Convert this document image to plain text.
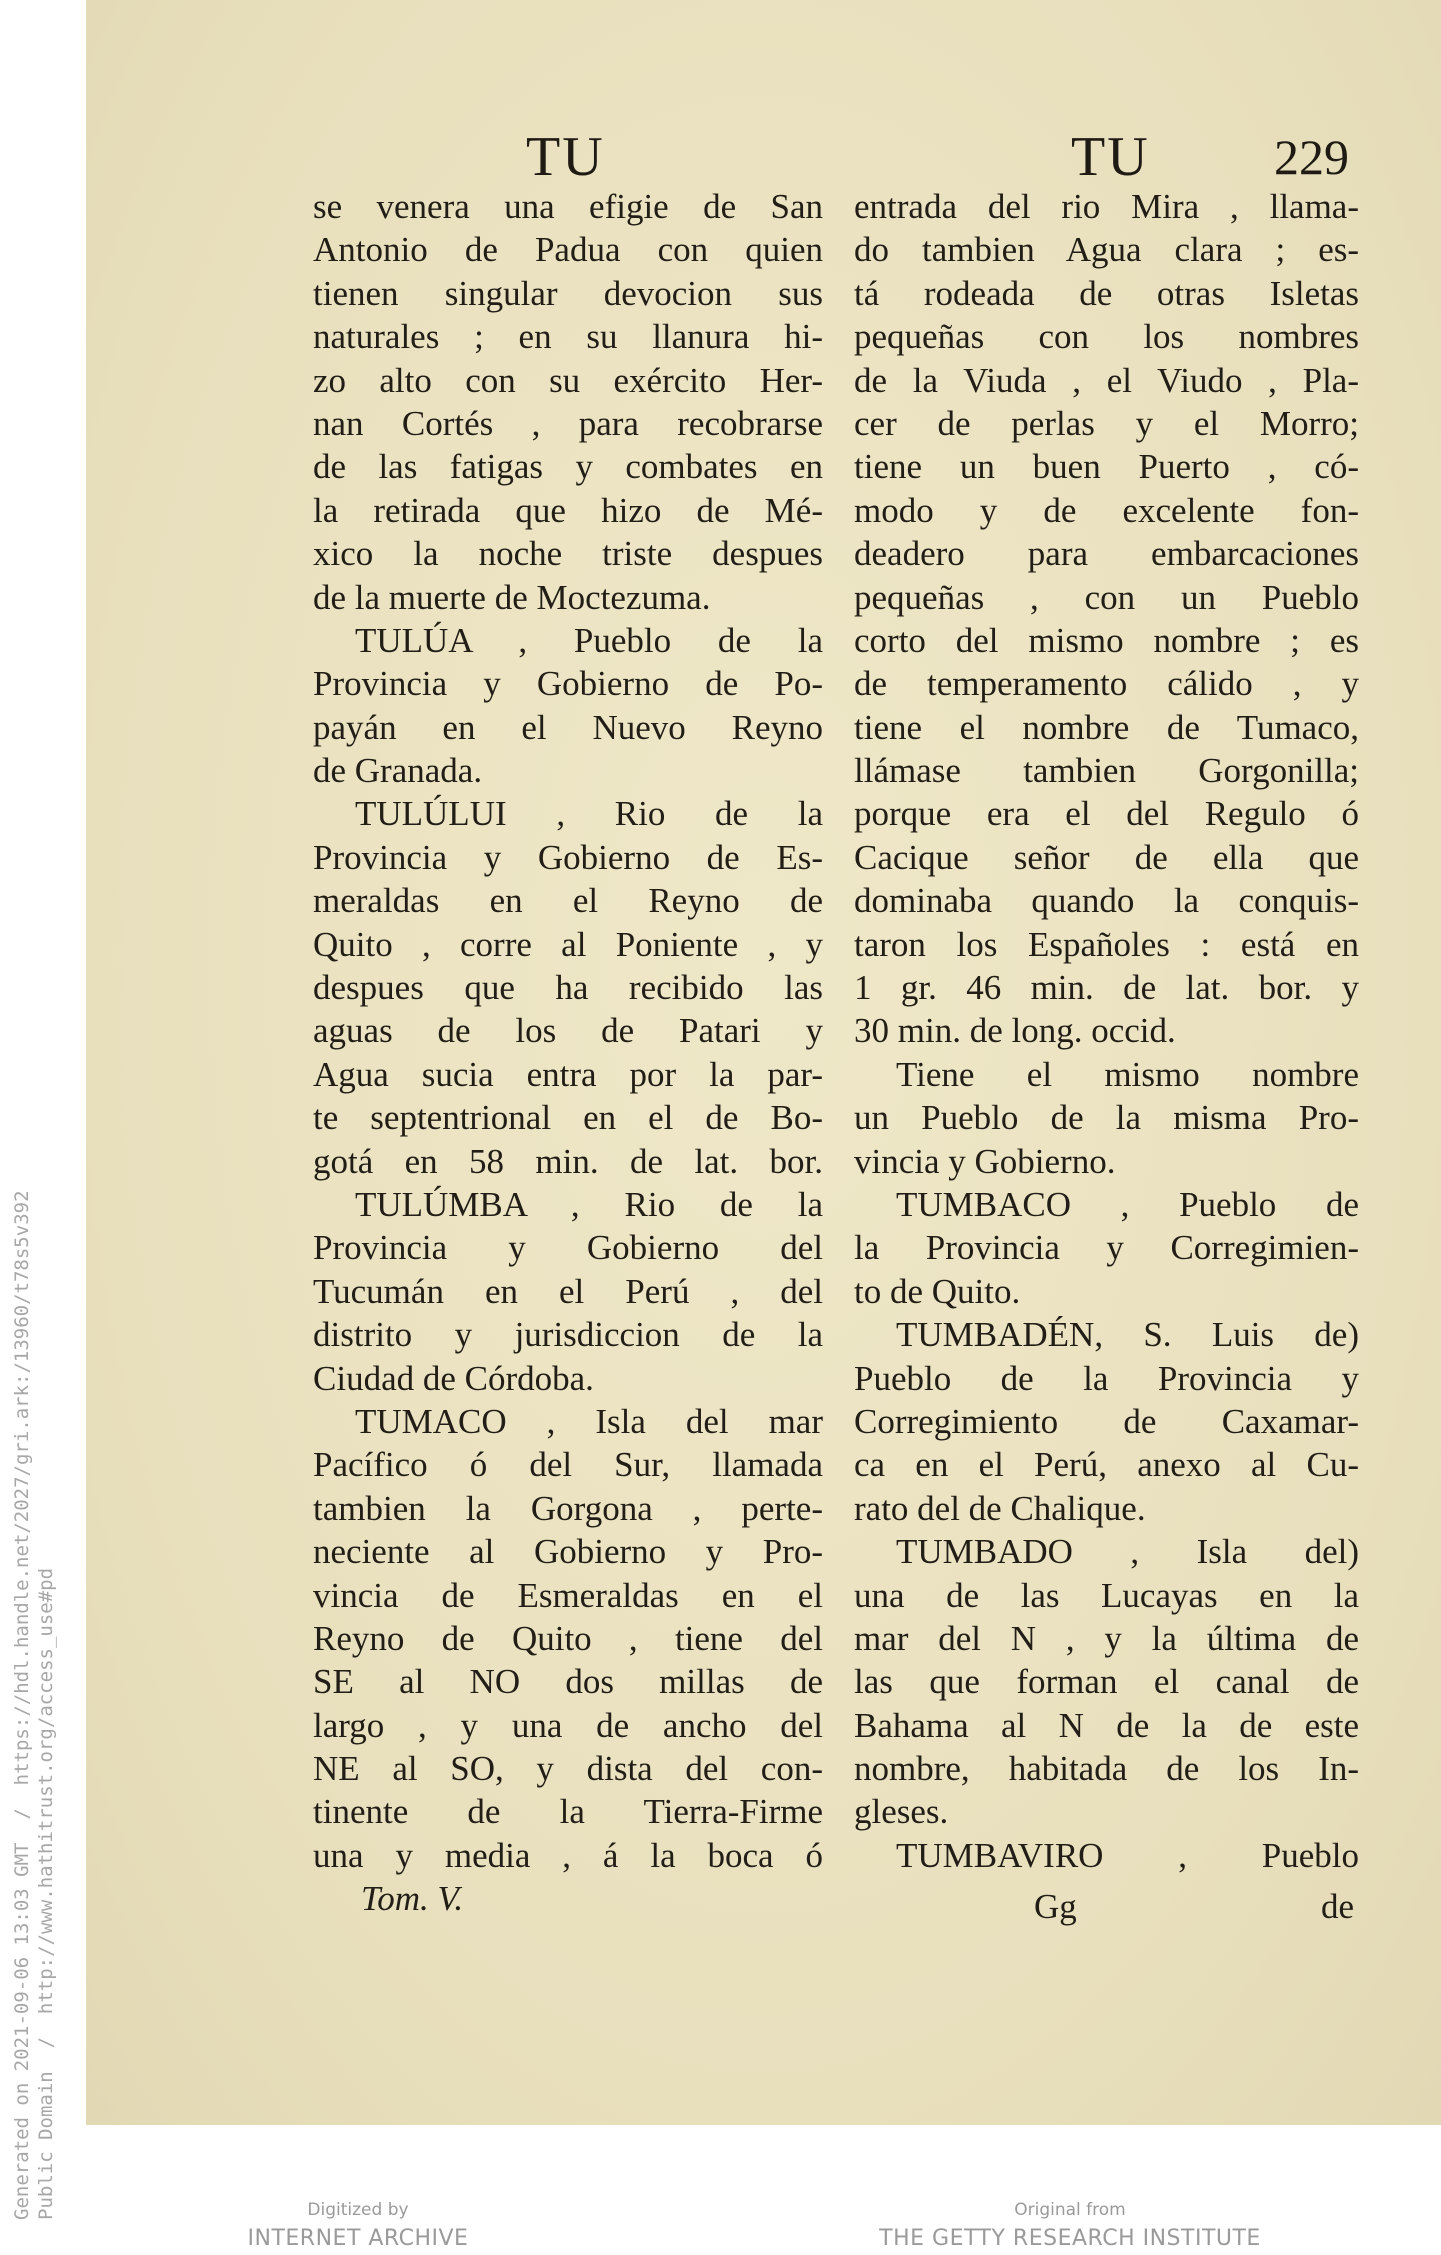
TU	TU 229
se venera una efigie de San
Antonio de Padua con quien
tienen singular devocion sus
naturales ; en su llanura hi-
zo alto con su exército Her-
nan Cortés , para recobrarse
de las fatigas y combates en
la retirada que hizo de Mé-
xico la noche triste despues
de la muerte de Moctezuma.
TULÚA , Pueblo de la
Provincia y Gobierno de Po-
payán en el Nuevo Reyno
de Granada.
TULÚLUI , Rio de la
Provincia y Gobierno de Es-
meraldas en el Reyno de
Quito , corre al Poniente , y
despues que ha recibido las
aguas de los de Patari y
Agua sucia entra por la par-
te septentrional en el de Bo-
gotá en 58 min. de lat. bor.
TULÚMBA , Rio de la
Provincia y Gobierno del
Tucumán en el Perú , del
distrito y jurisdiccion de la
Ciudad de Córdoba.
TUMACO , Isla del mar
Pacífico ó del Sur, llamada
tambien la Gorgona , perte-
neciente al Gobierno y Pro-
vincia de Esmeraldas en el
Reyno de Quito , tiene del
SE al NO dos millas de
largo , y una de ancho del
NE al SO, y dista del con-
tinente de la Tierra-Firme
una y media , á la boca ó
Tom. V.
entrada del rio Mira , llama-
do tambien Agua clara ; es-
tá rodeada de otras Isletas
pequeñas con los nombres
de la Viuda , el Viudo , Pla-
cer de perlas y el Morro;
tiene un buen Puerto , có-
modo y de excelente fon-
deadero para embarcaciones
pequeñas , con un Pueblo
corto del mismo nombre ; es
de temperamento cálido , y
tiene el nombre de Tumaco,
llámase tambien Gorgonilla;
porque era el del Regulo ó
Cacique señor de ella que
dominaba quando la conquis-
taron los Españoles : está en
1 gr. 46 min. de lat. bor. y
30 min. de long. occid.
Tiene el mismo nombre
un Pueblo de la misma Pro-
vincia y Gobierno.
TUMBACO , Pueblo de
la Provincia y Corregimien-
to de Quito.
TUMBADÉN, S. Luis de)
Pueblo de la Provincia y
Corregimiento de Caxamar-
ca en el Perú, anexo al Cu-
rato del de Chalique.
TUMBADO , Isla del)
una de las Lucayas en la
mar del N , y la última de
las que forman el canal de
Bahama al N de la de este
nombre, habitada de los In-
gleses.
TUMBAVIRO , Pueblo
Gg	de
Generated on 2021-09-06 13:03 GMT  /  https://hdl.handle.net/2027/gri.ark:/13960/t78s5v392 Public Domain  /  http://www.hathitrust.org/access_use#pd	Digitized by
INTERNET ARCHIVE
Original from
THE GETTY RESEARCH INSTITUTE
